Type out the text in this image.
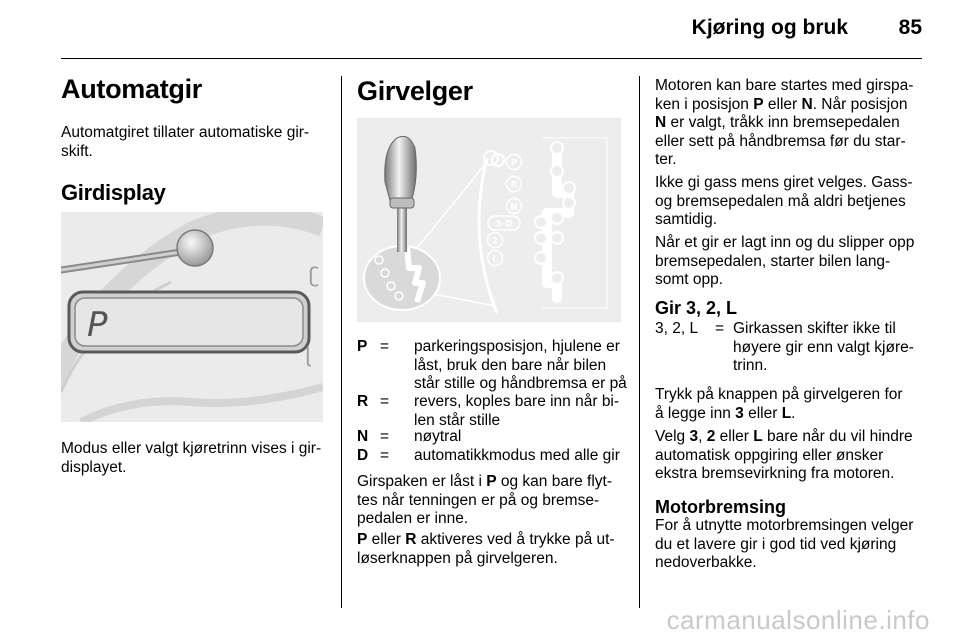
Kjøring og bruk 85
Automatgir
Automatgiret tillater automatiske gir-
skift.
Girdisplay
P
ʗ
ɭ
Modus eller valgt kjøretrinn vises i gir-
displayet.
Girvelger
P
R
N
3-D
2
L
P = parkeringsposisjon, hjulene er
låst, bruk den bare når bilen
står stille og håndbremsa er på
R = revers, koples bare inn når bi-
len står stille
N = nøytral
D = automatikkmodus med alle gir
Girspaken er låst i P og kan bare flyt-
tes når tenningen er på og bremse-
pedalen er inne.
P eller R aktiveres ved å trykke på ut-
løserknappen på girvelgeren.
Motoren kan bare startes med girspa-
ken i posisjon P eller N. Når posisjon
N er valgt, tråkk inn bremsepedalen
eller sett på håndbremsa før du star-
ter.
Ikke gi gass mens giret velges. Gass-
og bremsepedalen må aldri betjenes
samtidig.
Når et gir er lagt inn og du slipper opp
bremsepedalen, starter bilen lang-
somt opp.
Gir 3, 2, L
3, 2, L = Girkassen skifter ikke til
høyere gir enn valgt kjøre-
trinn.
Trykk på knappen på girvelgeren for
å legge inn 3 eller L.
Velg 3, 2 eller L bare når du vil hindre
automatisk oppgiring eller ønsker
ekstra bremsevirkning fra motoren.
Motorbremsing
For å utnytte motorbremsingen velger
du et lavere gir i god tid ved kjøring
nedoverbakke.
carmanualsonline.info
